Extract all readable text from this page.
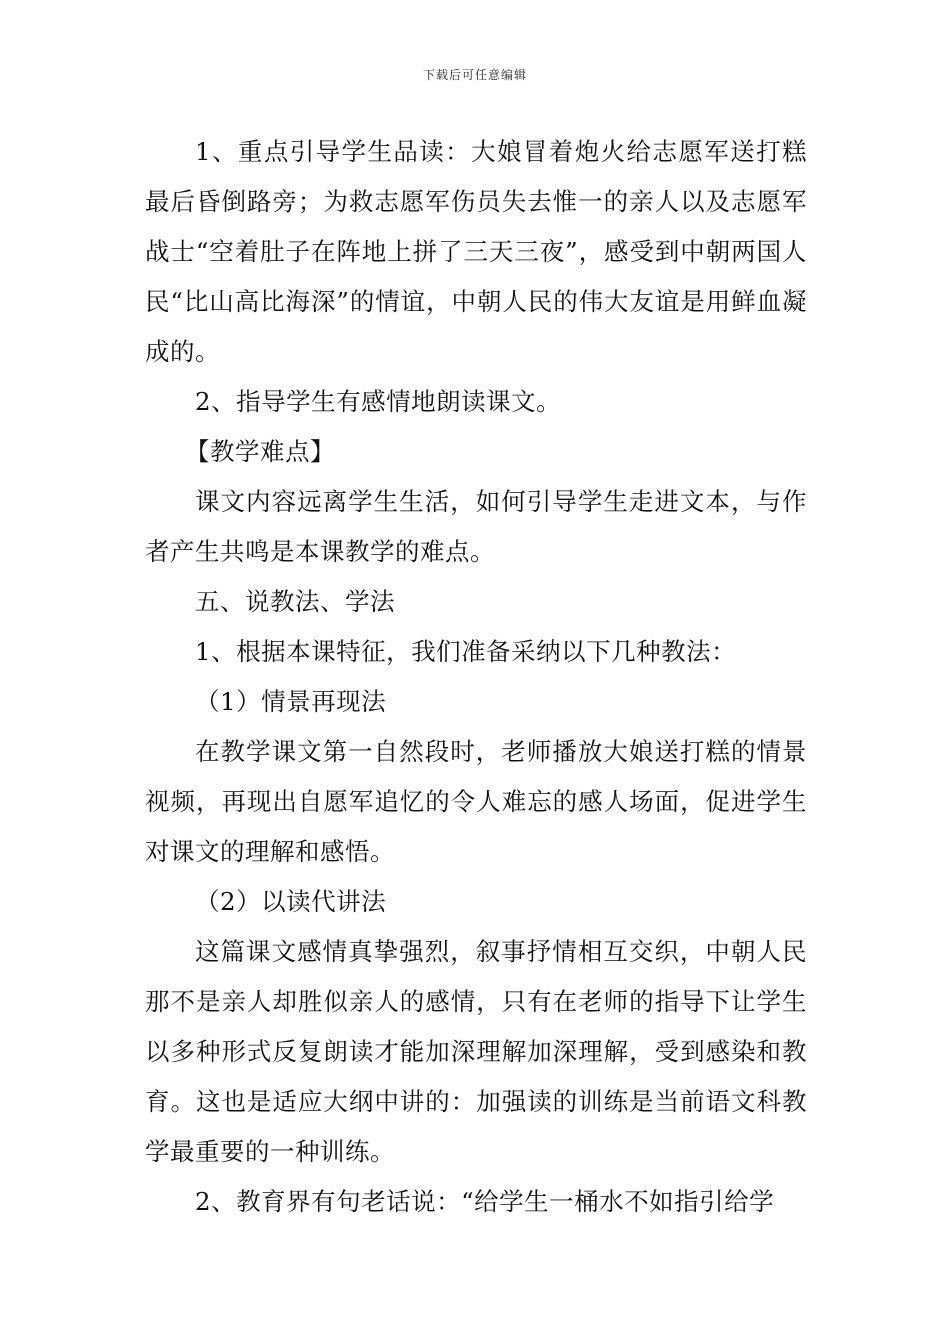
下载后可任意编辑

1、重点引导学生品读：大娘冒着炮火给志愿军送打糕最后昏倒路旁；为救志愿军伤员失去惟一的亲人以及志愿军战士“空着肚子在阵地上拼了三天三夜”，感受到中朝两国人民“比山高比海深”的情谊，中朝人民的伟大友谊是用鲜血凝成的。

2、指导学生有感情地朗读课文。

【教学难点】

课文内容远离学生生活，如何引导学生走进文本，与作者产生共鸣是本课教学的难点。

五、说教法、学法

1、根据本课特征，我们准备采纳以下几种教法：

（1）情景再现法

在教学课文第一自然段时，老师播放大娘送打糕的情景视频，再现出自愿军追忆的令人难忘的感人场面，促进学生对课文的理解和感悟。

（2）以读代讲法

这篇课文感情真挚强烈，叙事抒情相互交织，中朝人民那不是亲人却胜似亲人的感情，只有在老师的指导下让学生以多种形式反复朗读才能加深理解加深理解，受到感染和教育。这也是适应大纲中讲的：加强读的训练是当前语文科教学最重要的一种训练。

2、教育界有句老话说：“给学生一桶水不如指引给学
